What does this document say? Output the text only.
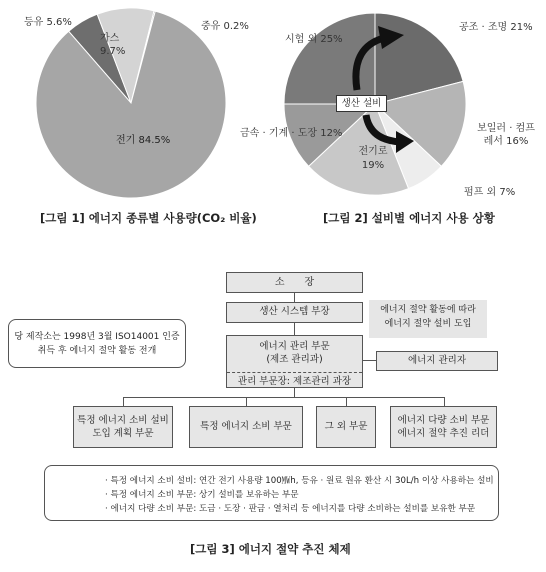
등유 5.6%
가스 9.7%
중유 0.2%
전기 84.5%
[그림 1] 에너지 종류별 사용량(CO₂ 비율)
생산 설비
시험 외 25%
공조 · 조명 21%
보일러 · 컴프레서 16%
펌프 외 7%
전기로 19%
금속 · 기계 · 도장 12%
[그림 2] 설비별 에너지 사용 상황
소　　장
생산 시스템 부장
에너지 관리 부문
(제조 관리과)
관리 부문장: 제조관리 과장
에너지 관리자
에너지 절약 활동에 따라
에너지 절약 설비 도입
당 제작소는 1998년 3월 ISO14001 인증
취득 후 에너지 절약 활동 전개
특정 에너지 소비 설비
도입 계획 부문
특정 에너지 소비 부문	그 외 부문
에너지 다량 소비 부문
에너지 절약 추진 리더
· 특정 에너지 소비 설비: 연간 전기 사용량 100㎿h, 등유 · 원료 원유 환산 시 30L/h 이상 사용하는 설비
· 특정 에너지 소비 부문: 상기 설비를 보유하는 부문
· 에너지 다량 소비 부문: 도금 · 도장 · 판금 · 열처리 등 에너지를 다량 소비하는 설비를 보유한 부문
[그림 3] 에너지 절약 추진 체제
